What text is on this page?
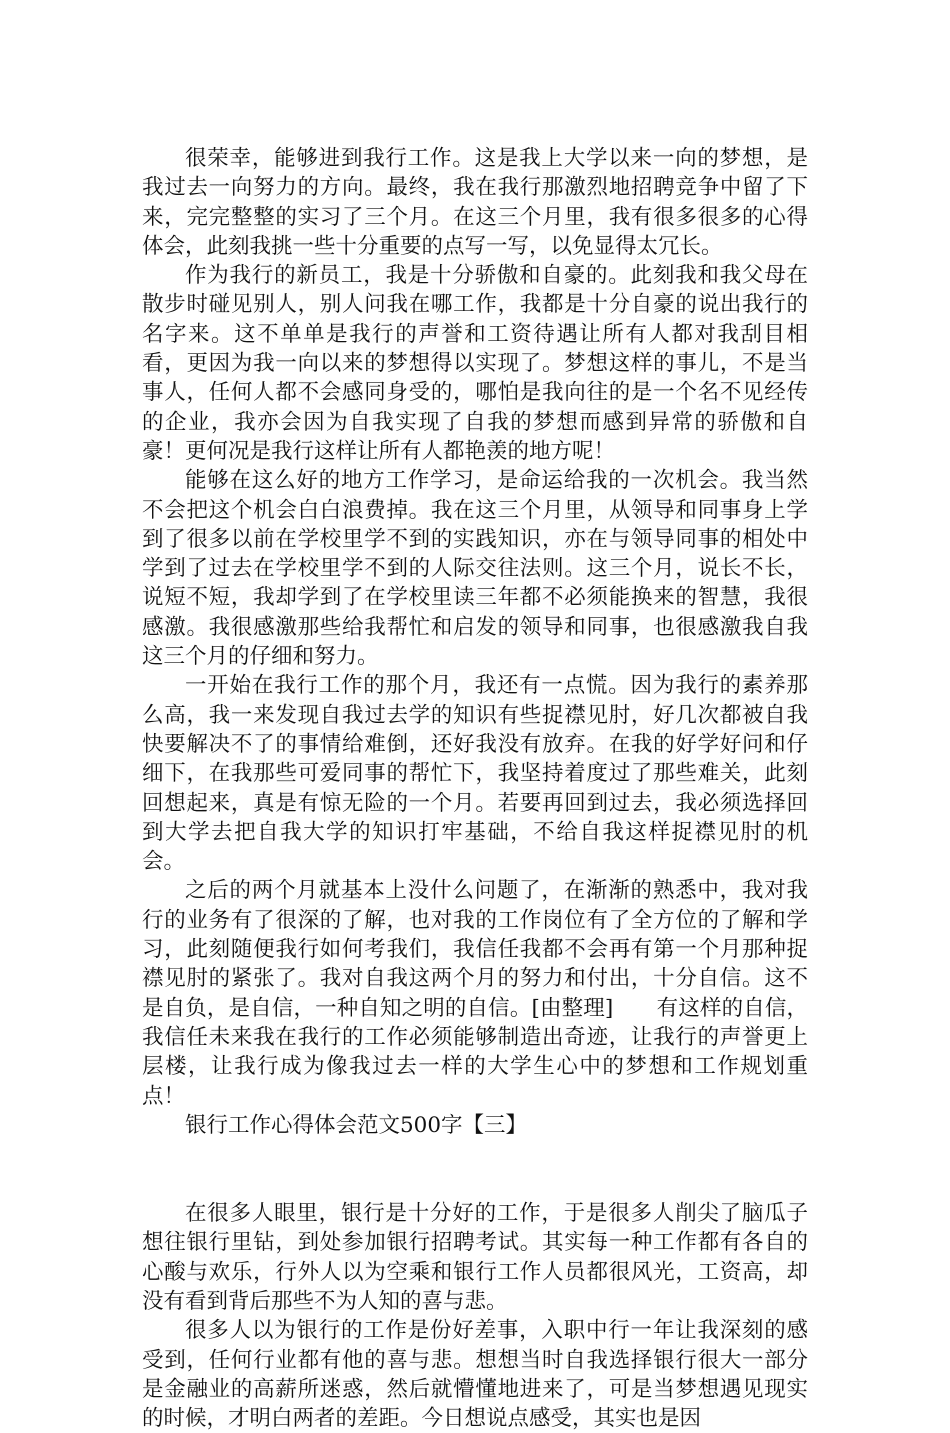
很荣幸，能够进到我行工作。这是我上大学以来一向的梦想，是我过去一向努力的方向。最终，我在我行那激烈地招聘竞争中留了下来，完完整整的实习了三个月。在这三个月里，我有很多很多的心得体会，此刻我挑一些十分重要的点写一写，以免显得太冗长。

作为我行的新员工，我是十分骄傲和自豪的。此刻我和我父母在散步时碰见别人，别人问我在哪工作，我都是十分自豪的说出我行的名字来。这不单单是我行的声誉和工资待遇让所有人都对我刮目相看，更因为我一向以来的梦想得以实现了。梦想这样的事儿，不是当事人，任何人都不会感同身受的，哪怕是我向往的是一个名不见经传的企业，我亦会因为自我实现了自我的梦想而感到异常的骄傲和自豪！更何况是我行这样让所有人都艳羡的地方呢！

能够在这么好的地方工作学习，是命运给我的一次机会。我当然不会把这个机会白白浪费掉。我在这三个月里，从领导和同事身上学到了很多以前在学校里学不到的实践知识，亦在与领导同事的相处中学到了过去在学校里学不到的人际交往法则。这三个月，说长不长，说短不短，我却学到了在学校里读三年都不必须能换来的智慧，我很感激。我很感激那些给我帮忙和启发的领导和同事，也很感激我自我这三个月的仔细和努力。

一开始在我行工作的那个月，我还有一点慌。因为我行的素养那么高，我一来发现自我过去学的知识有些捉襟见肘，好几次都被自我快要解决不了的事情给难倒，还好我没有放弃。在我的好学好问和仔细下，在我那些可爱同事的帮忙下，我坚持着度过了那些难关，此刻回想起来，真是有惊无险的一个月。若要再回到过去，我必须选择回到大学去把自我大学的知识打牢基础，不给自我这样捉襟见肘的机会。

之后的两个月就基本上没什么问题了，在渐渐的熟悉中，我对我行的业务有了很深的了解，也对我的工作岗位有了全方位的了解和学习，此刻随便我行如何考我们，我信任我都不会再有第一个月那种捉襟见肘的紧张了。我对自我这两个月的努力和付出，十分自信。这不是自负，是自信，一种自知之明的自信。[由整理]　　有这样的自信，我信任未来我在我行的工作必须能够制造出奇迹，让我行的声誉更上层楼，让我行成为像我过去一样的大学生心中的梦想和工作规划重点！

银行工作心得体会范文500字【三】

在很多人眼里，银行是十分好的工作，于是很多人削尖了脑瓜子想往银行里钻，到处参加银行招聘考试。其实每一种工作都有各自的心酸与欢乐，行外人以为空乘和银行工作人员都很风光，工资高，却没有看到背后那些不为人知的喜与悲。

很多人以为银行的工作是份好差事，入职中行一年让我深刻的感受到，任何行业都有他的喜与悲。想想当时自我选择银行很大一部分是金融业的高薪所迷惑，然后就懵懂地进来了，可是当梦想遇见现实的时候，才明白两者的差距。今日想说点感受，其实也是因
